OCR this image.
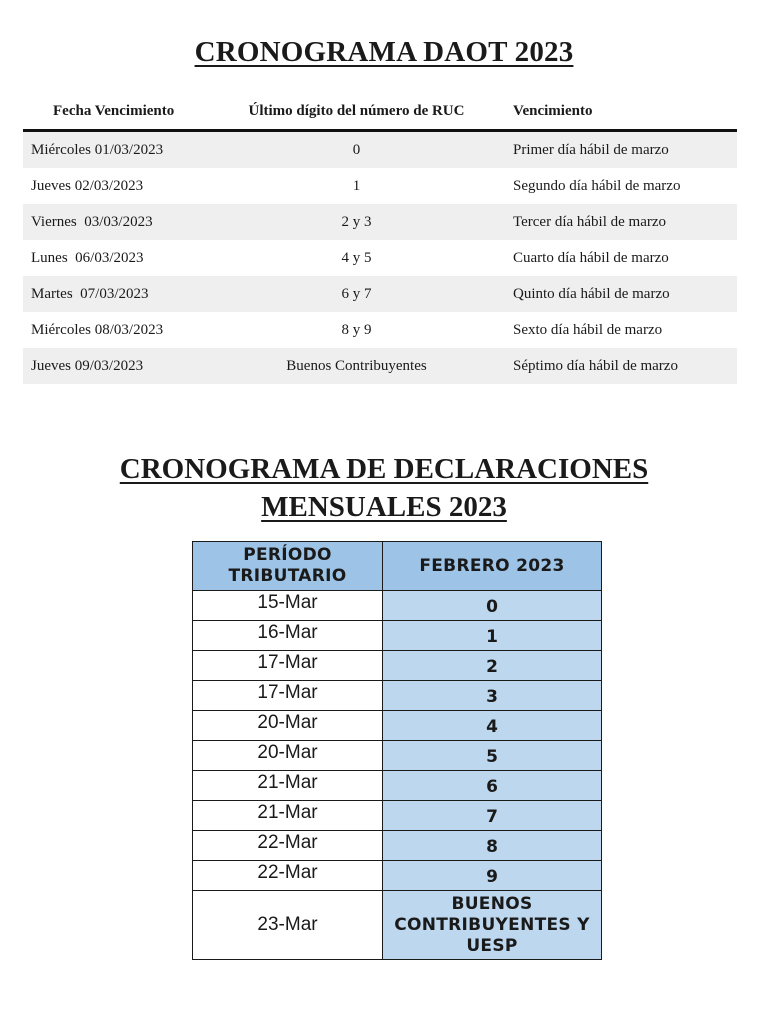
CRONOGRAMA DAOT 2023
Fecha Vencimiento	Último dígito del número de RUC	Vencimiento
Miércoles 01/03/2023	0	Primer día hábil de marzo
Jueves 02/03/2023	1	Segundo día hábil de marzo
Viernes  03/03/2023	2 y 3	Tercer día hábil de marzo
Lunes  06/03/2023	4 y 5	Cuarto día hábil de marzo
Martes  07/03/2023	6 y 7	Quinto día hábil de marzo
Miércoles 08/03/2023	8 y 9	Sexto día hábil de marzo
Jueves 09/03/2023	Buenos Contribuyentes	Séptimo día hábil de marzo
CRONOGRAMA DE DECLARACIONES
MENSUALES 2023
PERÍODO TRIBUTARIO	FEBRERO 2023
15-Mar	0
16-Mar	1
17-Mar	2
17-Mar	3
20-Mar	4
20-Mar	5
21-Mar	6
21-Mar	7
22-Mar	8
22-Mar	9
23-Mar	BUENOS CONTRIBUYENTES Y UESP
